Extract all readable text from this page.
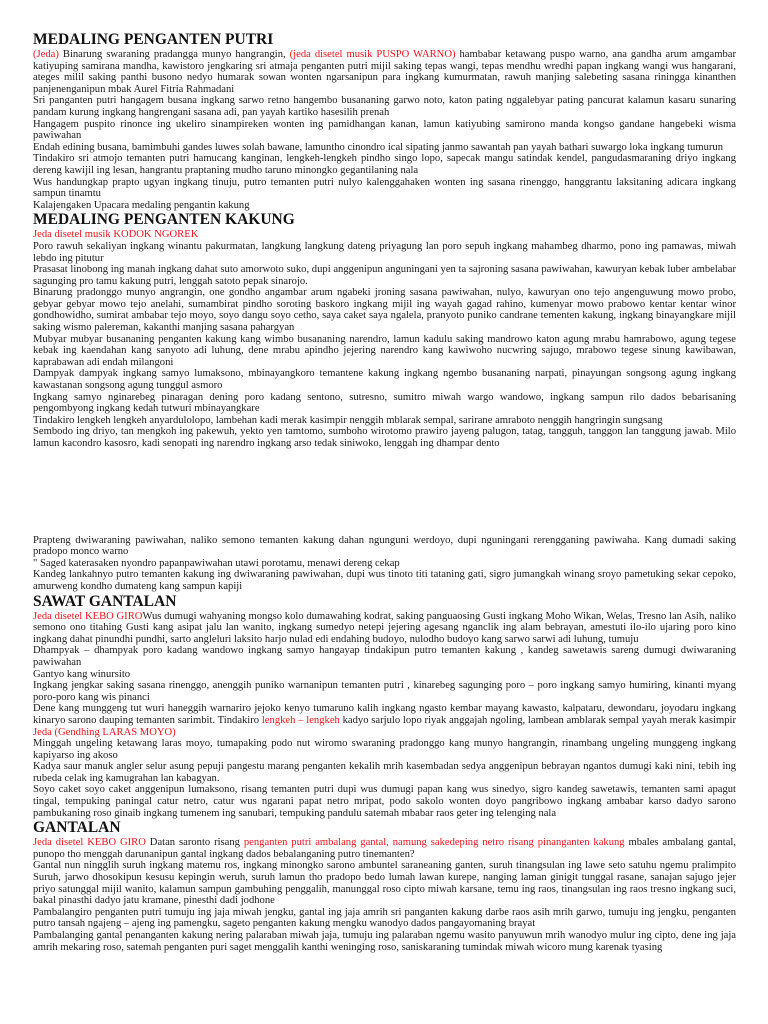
MEDALING PENGANTEN PUTRI

(Jeda) Binarung swaraning pradangga munyo hangrangin, (jeda disetel musik PUSPO WARNO) hambabar ketawang puspo warno, ana gandha arum amgambar katiyuping samirana mandha, kawistoro jengkaring sri atmaja penganten putri mijil saking tepas wangi, tepas mendhu wredhi papan ingkang wangi wus hangarani, ateges milil saking panthi busono nedyo humarak sowan wonten ngarsanipun para ingkang kumurmatan, rawuh manjing salebeting sasana riningga kinanthen panjenenganipun mbak Aurel Fitria Rahmadani

Sri panganten putri hangagem busana ingkang sarwo retno hangembo busananing garwo noto, katon pating nggalebyar pating pancurat kalamun kasaru sunaring pandam kurung ingkang hangrengani sasana adi, pan yayah kartiko hasesilih prenah

Hangagem puspito rinonce ing ukeliro sinampireken wonten ing pamidhangan kanan, lamun katiyubing samirono manda kongso gandane hangebeki wisma pawiwahan

Endah edining busana, bamimbuhi gandes luwes solah bawane, lamuntho cinondro ical sipating janmo sawantah pan yayah bathari suwargo loka ingkang tumurun

Tindakiro sri atmojo temanten putri hamucang kanginan, lengkeh-lengkeh pindho singo lopo, sapecak mangu satindak kendel, pangudasmaraning driyo ingkang dereng kawijil ing lesan, hangrantu praptaning mudho taruno minongko gegantilaning nala

Wus handungkap prapto ugyan ingkang tinuju, putro temanten putri nulyo kalenggahaken wonten ing sasana rinenggo, hanggrantu laksitaning adicara ingkang sampun tinamtu

Kalajengaken Upacara medaling pengantin kakung

MEDALING PENGANTEN KAKUNG

Jeda disetel musik KODOK NGOREK

Poro rawuh sekaliyan ingkang winantu pakurmatan, langkung langkung dateng priyagung lan poro sepuh ingkang mahambeg dharmo, pono ing pamawas, miwah lebdo ing pitutur

Prasasat linobong ing manah ingkang dahat suto amorwoto suko, dupi anggenipun anguningani yen ta sajroning sasana pawiwahan, kawuryan kebak luber ambelabar sagunging pro tamu kakung putri, lenggah satoto pepak sinarojo.

Binarung pradonggo munyo angrangin, one gondho angambar arum ngabeki jroning sasana pawiwahan, nulyo, kawuryan ono tejo angenguwung mowo probo, gebyar gebyar mowo tejo anelahi, sumambirat pindho soroting baskoro ingkang mijil ing wayah gagad rahino, kumenyar mowo prabowo kentar kentar winor gondhowidho, sumirat ambabar tejo moyo, soyo dangu soyo cetho, saya caket saya ngalela, pranyoto puniko candrane tementen kakung, ingkang binayangkare mijil saking wismo palereman, kakanthi manjing sasana pahargyan

Mubyar mubyar busananing penganten kakung kang wimbo busananing narendro, lamun kadulu saking mandrowo katon agung mrabu hamrabowo, agung tegese kebak ing kaendahan kang sanyoto adi luhung, dene mrabu apindho jejering narendro kang kawiwoho nucwring sajugo, mrabowo tegese sinung kawibawan, kaprabawan adi endah milangoni

Dampyak dampyak ingkang samyo lumaksono, mbinayangkoro temantene kakung ingkang ngembo busananing narpati, pinayungan songsong agung ingkang kawastanan songsong agung tunggul asmoro

Ingkang samyo nginarebeg pinaragan dening poro kadang sentono, sutresno, sumitro miwah wargo wandowo, ingkang sampun rilo dados bebarisaning pengombyong ingkang kedah tutwuri mbinayangkare

Tindakiro lengkeh lengkeh anyardulolopo, lambehan kadi merak kasimpir nenggih mblarak sempal, sarirane amraboto nenggih hangringin sungsang

Sembodo ing driyo, tan mengkoh ing pakewuh, yekto yen tamtomo, sumboho wirotomo prawiro jayeng palugon, tatag, tangguh, tanggon lan tanggung jawab. Milo lamun kacondro kasosro, kadi senopati ing narendro ingkang arso tedak siniwoko, lenggah ing dhampar dento

Prapteng dwiwaraning pawiwahan, naliko semono temanten kakung dahan ngunguni werdoyo, dupi nguningani rerengganing pawiwaha. Kang dumadi saking pradopo monco warno

" Saged katerasaken nyondro papanpawiwahan utawi porotamu, menawi dereng cekap

Kandeg lankahnyo putro temanten kakung ing dwiwaraning pawiwahan, dupi wus tinoto titi tataning gati, sigro jumangkah winang sroyo pametuking sekar cepoko, amurweng kondho dumateng kang sampun kapiji

SAWAT GANTALAN

Jeda disetel KEBO GIROWus dumugi wahyaning mongso kolo dumawahing kodrat, saking panguaosing Gusti ingkang Moho Wikan, Welas, Tresno lan Asih, naliko semono ono titahing Gusti kang asipat jalu lan wanito, ingkang sumedyo netepi jejering agesang nganclik ing alam bebrayan, amestuti ilo-ilo ujaring poro kino ingkang dahat pinundhi pundhi, sarto angleluri laksito harjo nulad edi endahing budoyo, nulodho budoyo kang sarwo sarwi adi luhung, tumuju

Dhampyak – dhampyak poro kadang wandowo ingkang samyo hangayap tindakipun putro temanten kakung , kandeg sawetawis sareng dumugi dwiwaraning pawiwahan

Gantyo kang winursito

Ingkang jengkar saking sasana rinenggo, anenggih puniko warnanipun temanten putri , kinarebeg sagunging poro – poro ingkang samyo humiring, kinanti myang poro-poro kang wis pinanci

Dene kang munggeng tut wuri haneggih warnariro jejoko kenyo tumaruno kalih ingkang ngasto kembar mayang kawasto, kalpataru, dewondaru, joyodaru ingkang kinaryo sarono dauping temanten sarimbit. Tindakiro lengkeh – lengkeh kadyo sarjulo lopo riyak anggajah ngoling, lambean amblarak sempal yayah merak kasimpir Jeda (Gendhing LARAS MOYO)

Minggah ungeling ketawang laras moyo, tumapaking podo nut wiromo swaraning pradonggo kang munyo hangrangin, rinambang ungeling munggeng ingkang kapiyarso ing akoso

Kadya saur manuk angler selur asung pepuji pangestu marang penganten kekalih mrih kasembadan sedya anggenipun bebrayan ngantos dumugi kaki nini, tebih ing rubeda celak ing kamugrahan lan kabagyan.

Soyo caket soyo caket anggenipun lumaksono, risang temanten putri dupi wus dumugi papan kang wus sinedyo, sigro kandeg sawetawis, temanten sami apagut tingal, tempuking paningal catur netro, catur wus ngarani papat netro mripat, podo sakolo wonten doyo pangribowo ingkang ambabar karso dadyo sarono pambukaning roso ginaib ingkang tumenem ing sanubari, tempuking pandulu satemah mbabar raos geter ing telenging nala

GANTALAN

Jeda disetel KEBO GIRO Datan saronto risang penganten putri ambalang gantal, namung sakedeping netro risang pinanganten kakung mbales ambalang gantal, punopo tho menggah darunanipun gantal ingkang dados bebalanganing putro tinemanten?

Gantal nun ningglih suruh ingkang matemu ros, ingkang minongko sarono ambuntel saraneaning ganten, suruh tinangsulan ing lawe seto satuhu ngemu pralimpito Suruh, jarwo dhosokipun kesusu kepingin weruh, suruh lamun tho pradopo bedo lumah lawan kurepe, nanging laman ginigit tunggal rasane, sanajan sajugo jejer priyo satunggal mijil wanito, kalamun sampun gambuhing penggalih, manunggal roso cipto miwah karsane, temu ing raos, tinangsulan ing raos tresno ingkang suci, bakal pinasthi dadyo jatu kramane, pinesthi dadi jodhone

Pambalangiro penganten putri tumuju ing jaja miwah jengku, gantal ing jaja amrih sri panganten kakung darbe raos asih mrih garwo, tumuju ing jengku, penganten putro tansah ngajeng – ajeng ing pamengku, sageto penganten kakung mengku wanodyo dados pangayomaning brayat

Pambalanging gantal penanganten kakung nering palaraban miwah jaja, tumuju ing palaraban ngemu wasito panyuwun mrih wanodyo mulur ing cipto, dene ing jaja amrih mekaring roso, satemah penganten puri saget menggalih kanthi weninging roso, saniskaraning tumindak miwah wicoro mung karenak tyasing
